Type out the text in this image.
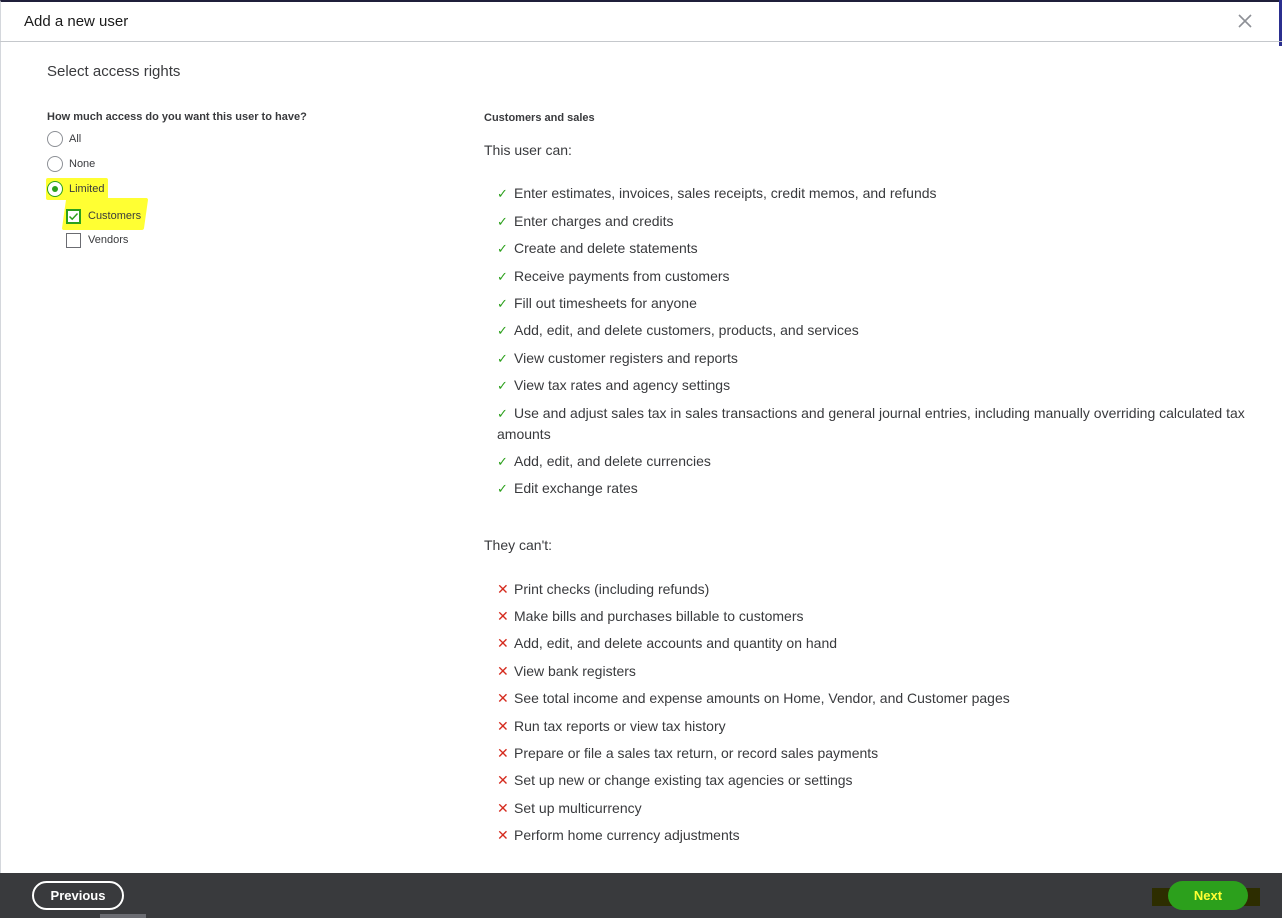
Add a new user
Select access rights
How much access do you want this user to have?
All
None
Limited
Customers
Vendors
Customers and sales
This user can:
✓ Enter estimates, invoices, sales receipts, credit memos, and refunds
✓ Enter charges and credits
✓ Create and delete statements
✓ Receive payments from customers
✓ Fill out timesheets for anyone
✓ Add, edit, and delete customers, products, and services
✓ View customer registers and reports
✓ View tax rates and agency settings
✓ Use and adjust sales tax in sales transactions and general journal entries, including manually overriding calculated tax amounts
✓ Add, edit, and delete currencies
✓ Edit exchange rates
They can't:
✕ Print checks (including refunds)
✕ Make bills and purchases billable to customers
✕ Add, edit, and delete accounts and quantity on hand
✕ View bank registers
✕ See total income and expense amounts on Home, Vendor, and Customer pages
✕ Run tax reports or view tax history
✕ Prepare or file a sales tax return, or record sales payments
✕ Set up new or change existing tax agencies or settings
✕ Set up multicurrency
✕ Perform home currency adjustments
Previous	Next
